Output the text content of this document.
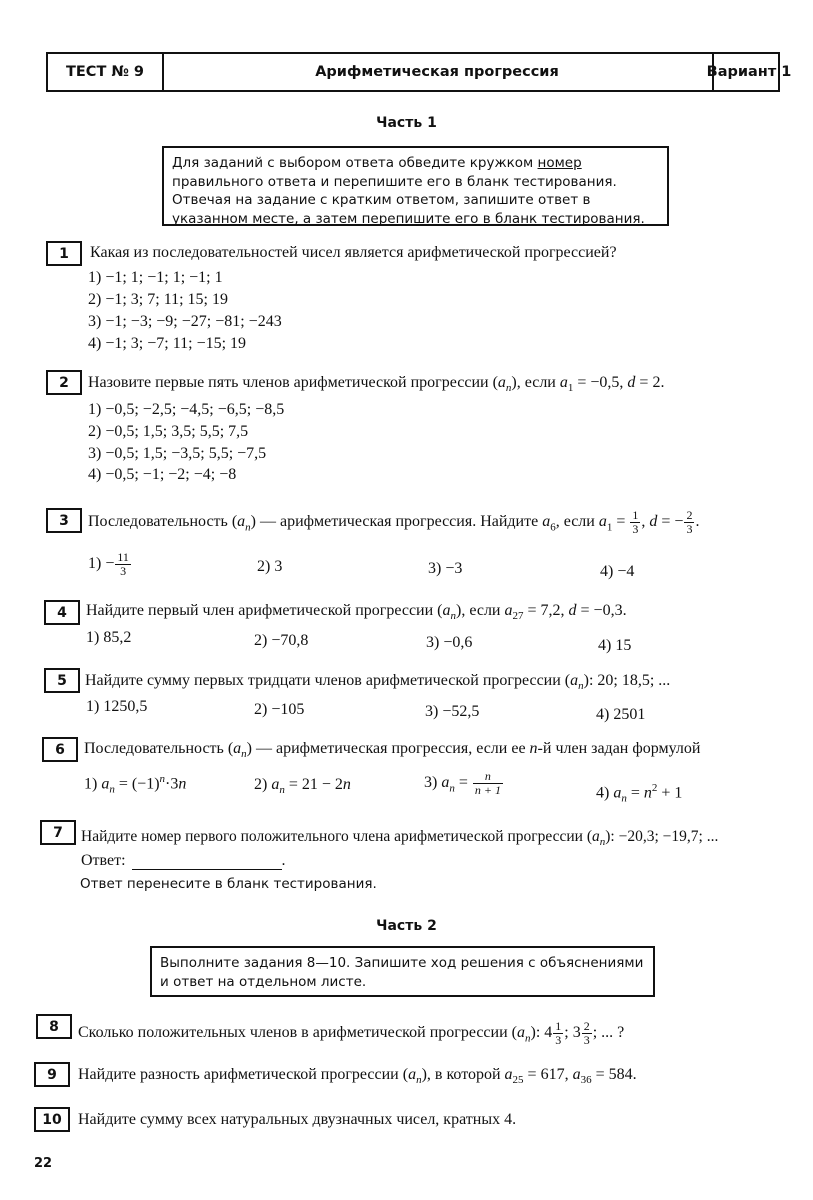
ТЕСТ № 9	Арифметическая прогрессия	Вариант 1
Часть 1
Для заданий с выбором ответа обведите кружком номер правильного ответа и перепишите его в бланк тестирования. Отвечая на задание с кратким ответом, запишите ответ в указанном месте, а затем перепишите его в бланк тестирования.
1	Какая из последовательностей чисел является арифметической прогрессией?
1) −1; 1; −1; 1; −1; 1
2) −1; 3; 7; 11; 15; 19
3) −1; −3; −9; −27; −81; −243
4) −1; 3; −7; 11; −15; 19
2	Назовите первые пять членов арифметической прогрессии $(a_n)$, если $a_1 = -0,5$, d = 2.
1) −0,5; −2,5; −4,5; −6,5; −8,5
2) −0,5; 1,5; 3,5; 5,5; 7,5
3) −0,5; 1,5; −3,5; 5,5; −7,5
4) −0,5; −1; −2; −4; −8
3	Последовательность $(a_n)$ — арифметическая прогрессия. Найдите $a_6$, если $a_1 = \frac{1}{3}$ , d = − $\frac{2}{3}$ .
$1) - \frac{11}{3}$	2) 3	3) −3	4) −4
4	Найдите первый член арифметической прогрессии $(a_n)$, если $a_{27} = 7,2$, d = −0,3.
1) 85,2	2) −70,8	3) −0,6	4) 15
5	Найдите сумму первых тридцати членов арифметической прогрессии $(a_n)$: 20; 18,5; ...
1) 1250,5	2) −105	3) −52,5	4) 2501
6	Последовательность $(a_n)$ — арифметическая прогрессия, если ее n-й член задан формулой
1) $a_n = (-1)^n\cdot 3n$	2) $a_n = 21 - 2n$	3) $a_n = \frac{n}{n + 1}$	4) $a_n = n^2 + 1$
7	Найдите номер первого положительного члена арифметической прогрессии $(a_n)$: −20,3; −19,7; ...
Ответ:	.
Ответ перенесите в бланк тестирования.
Часть 2
Выполните задания 8—10. Запишите ход решения с объяснениями и ответ на отдельном листе.
8	Сколько положительных членов в арифметической прогрессии $(a_n)$: $4 \frac{1}{3}$ ; $3 \frac{2}{3}$ ; ... ?
9	Найдите разность арифметической прогрессии $(a_n)$, в которой $a_{25} = 617$, $a_{36} = 584$.
10	Найдите сумму всех натуральных двузначных чисел, кратных 4.
22
